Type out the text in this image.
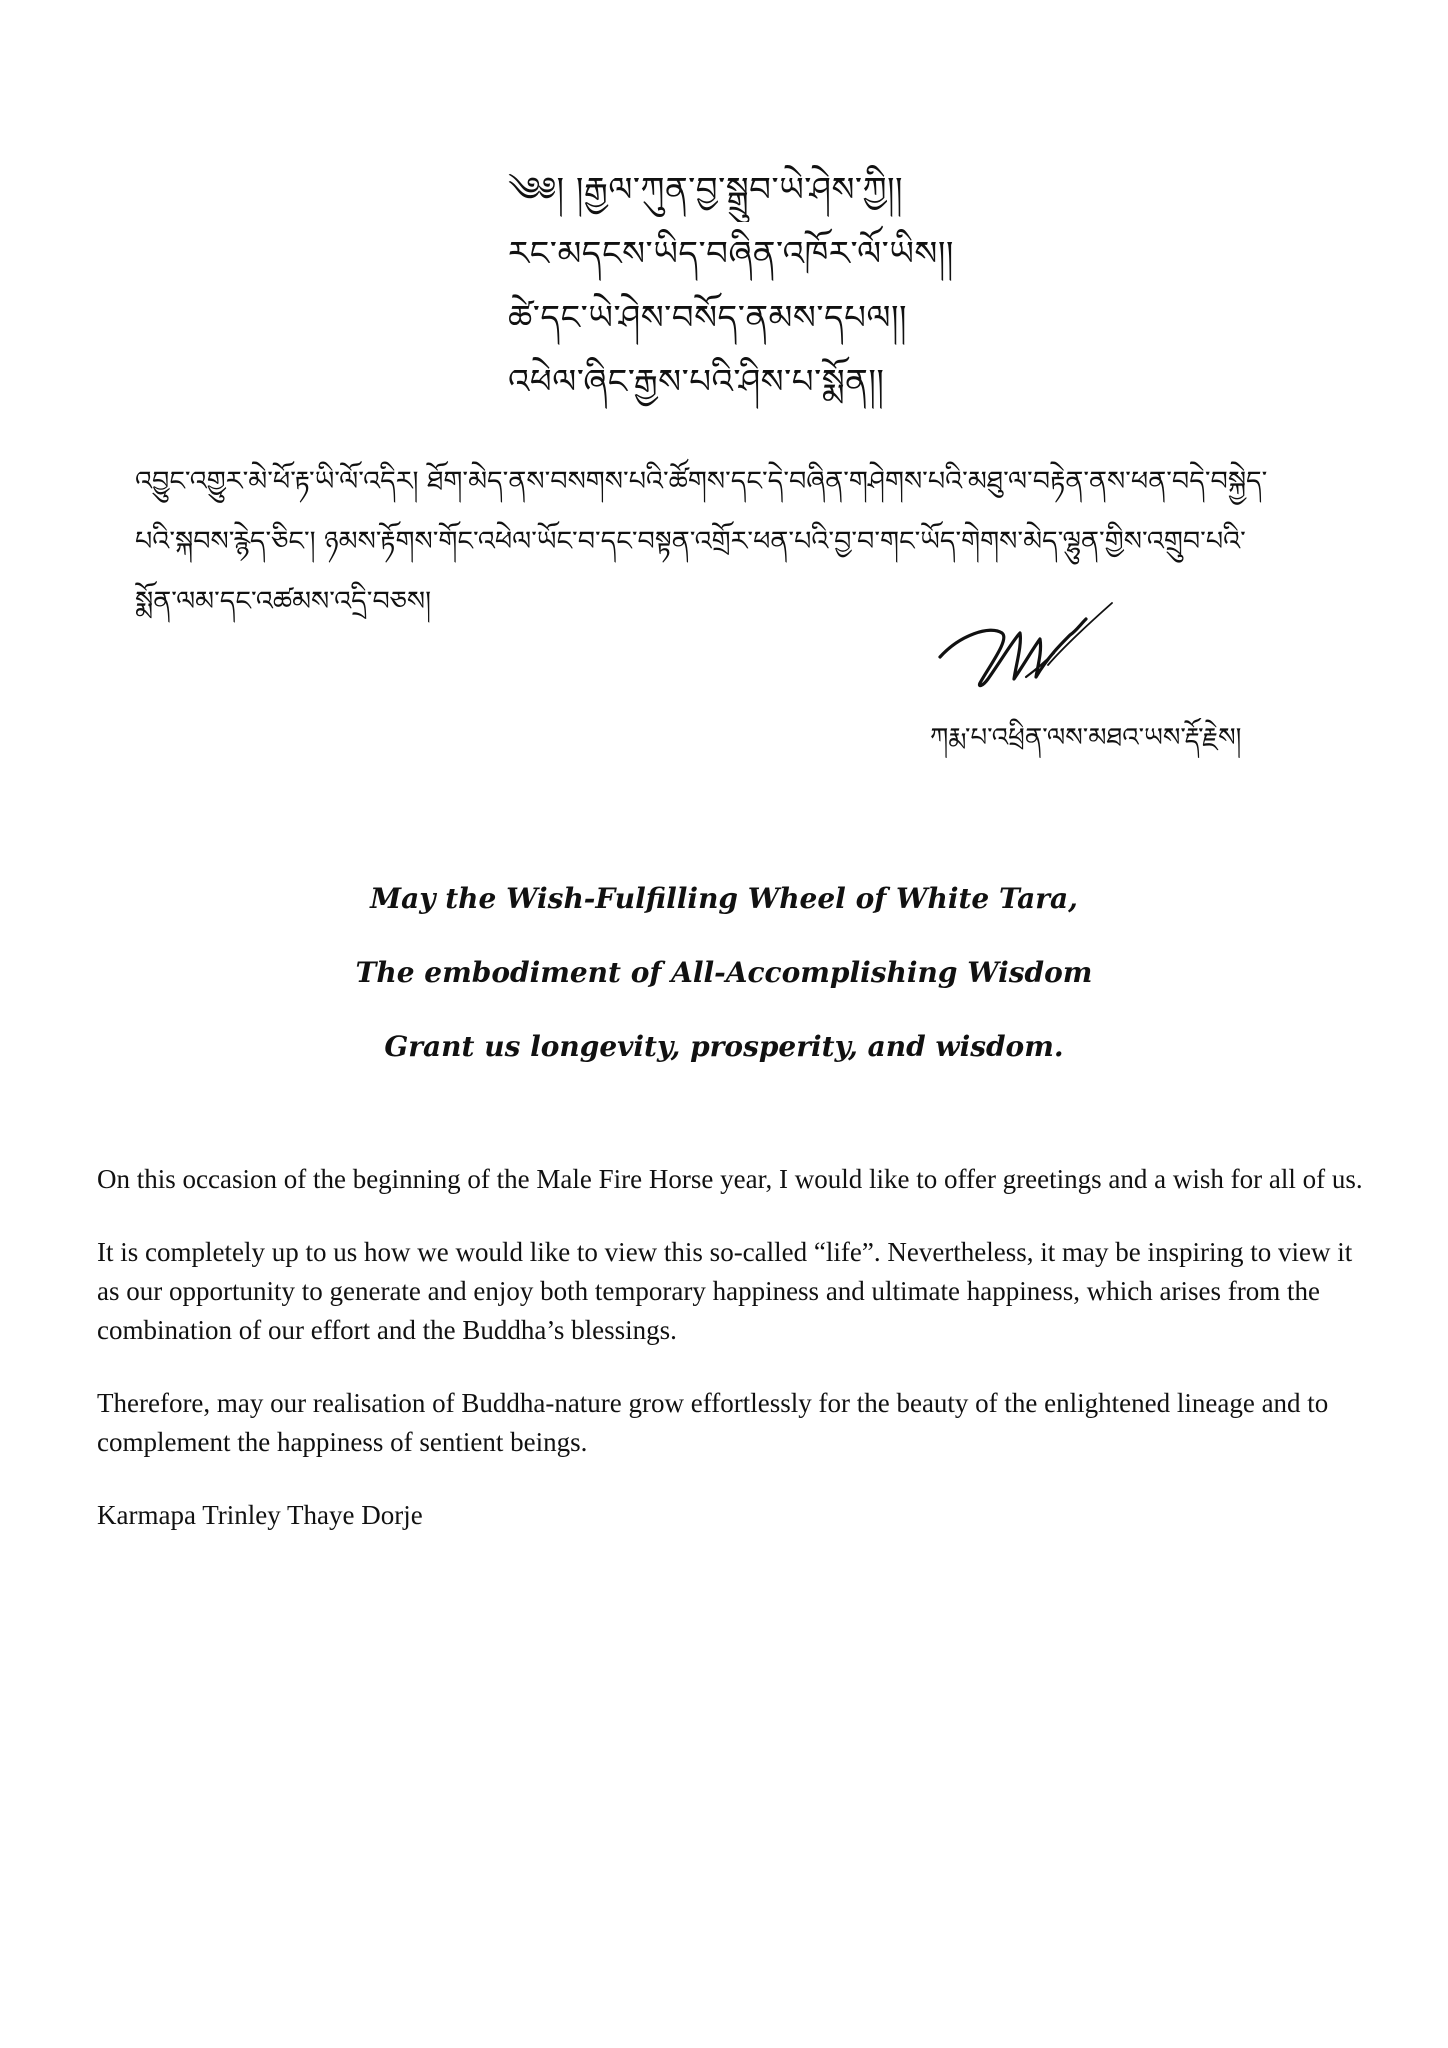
༄༅། །རྒྱལ་ཀུན་བྱ་སྒྲུབ་ཡེ་ཤེས་ཀྱི།།
རང་མདངས་ཡིད་བཞིན་འཁོར་ལོ་ཡིས།།
ཚེ་དང་ཡེ་ཤེས་བསོད་ནམས་དཔལ།།
འཕེལ་ཞིང་རྒྱས་པའི་ཤིས་པ་སྨོན།།
འབྱུང་འགྱུར་མེ་ཕོ་རྟ་ཡི་ལོ་འདིར། ཐོག་མེད་ནས་བསགས་པའི་ཚོགས་དང་དེ་བཞིན་གཤེགས་པའི་མཐུ་ལ་བརྟེན་ནས་ཕན་བདེ་བསྐྱེད་
པའི་སྐབས་རྙེད་ཅིང་། ཉམས་རྟོགས་གོང་འཕེལ་ཡོང་བ་དང་བསྟན་འགྲོར་ཕན་པའི་བྱ་བ་གང་ཡོད་གེགས་མེད་ལྷུན་གྱིས་འགྲུབ་པའི་
སྨོན་ལམ་དང་འཚམས་འདྲི་བཅས།
ཀརྨ་པ་འཕྲིན་ལས་མཐའ་ཡས་རྡོ་རྗེས།
May the Wish-Fulfilling Wheel of White Tara,
The embodiment of All-Accomplishing Wisdom
Grant us longevity, prosperity, and wisdom.

On this occasion of the beginning of the Male Fire Horse year, I would like to offer greetings and a wish for all of us.

It is completely up to us how we would like to view this so-called “life”. Nevertheless, it may be inspiring to view it as our opportunity to generate and enjoy both temporary happiness and ultimate happiness, which arises from the combination of our effort and the Buddha’s blessings.

Therefore, may our realisation of Buddha-nature grow effortlessly for the beauty of the enlightened lineage and to complement the happiness of sentient beings.

Karmapa Trinley Thaye Dorje
